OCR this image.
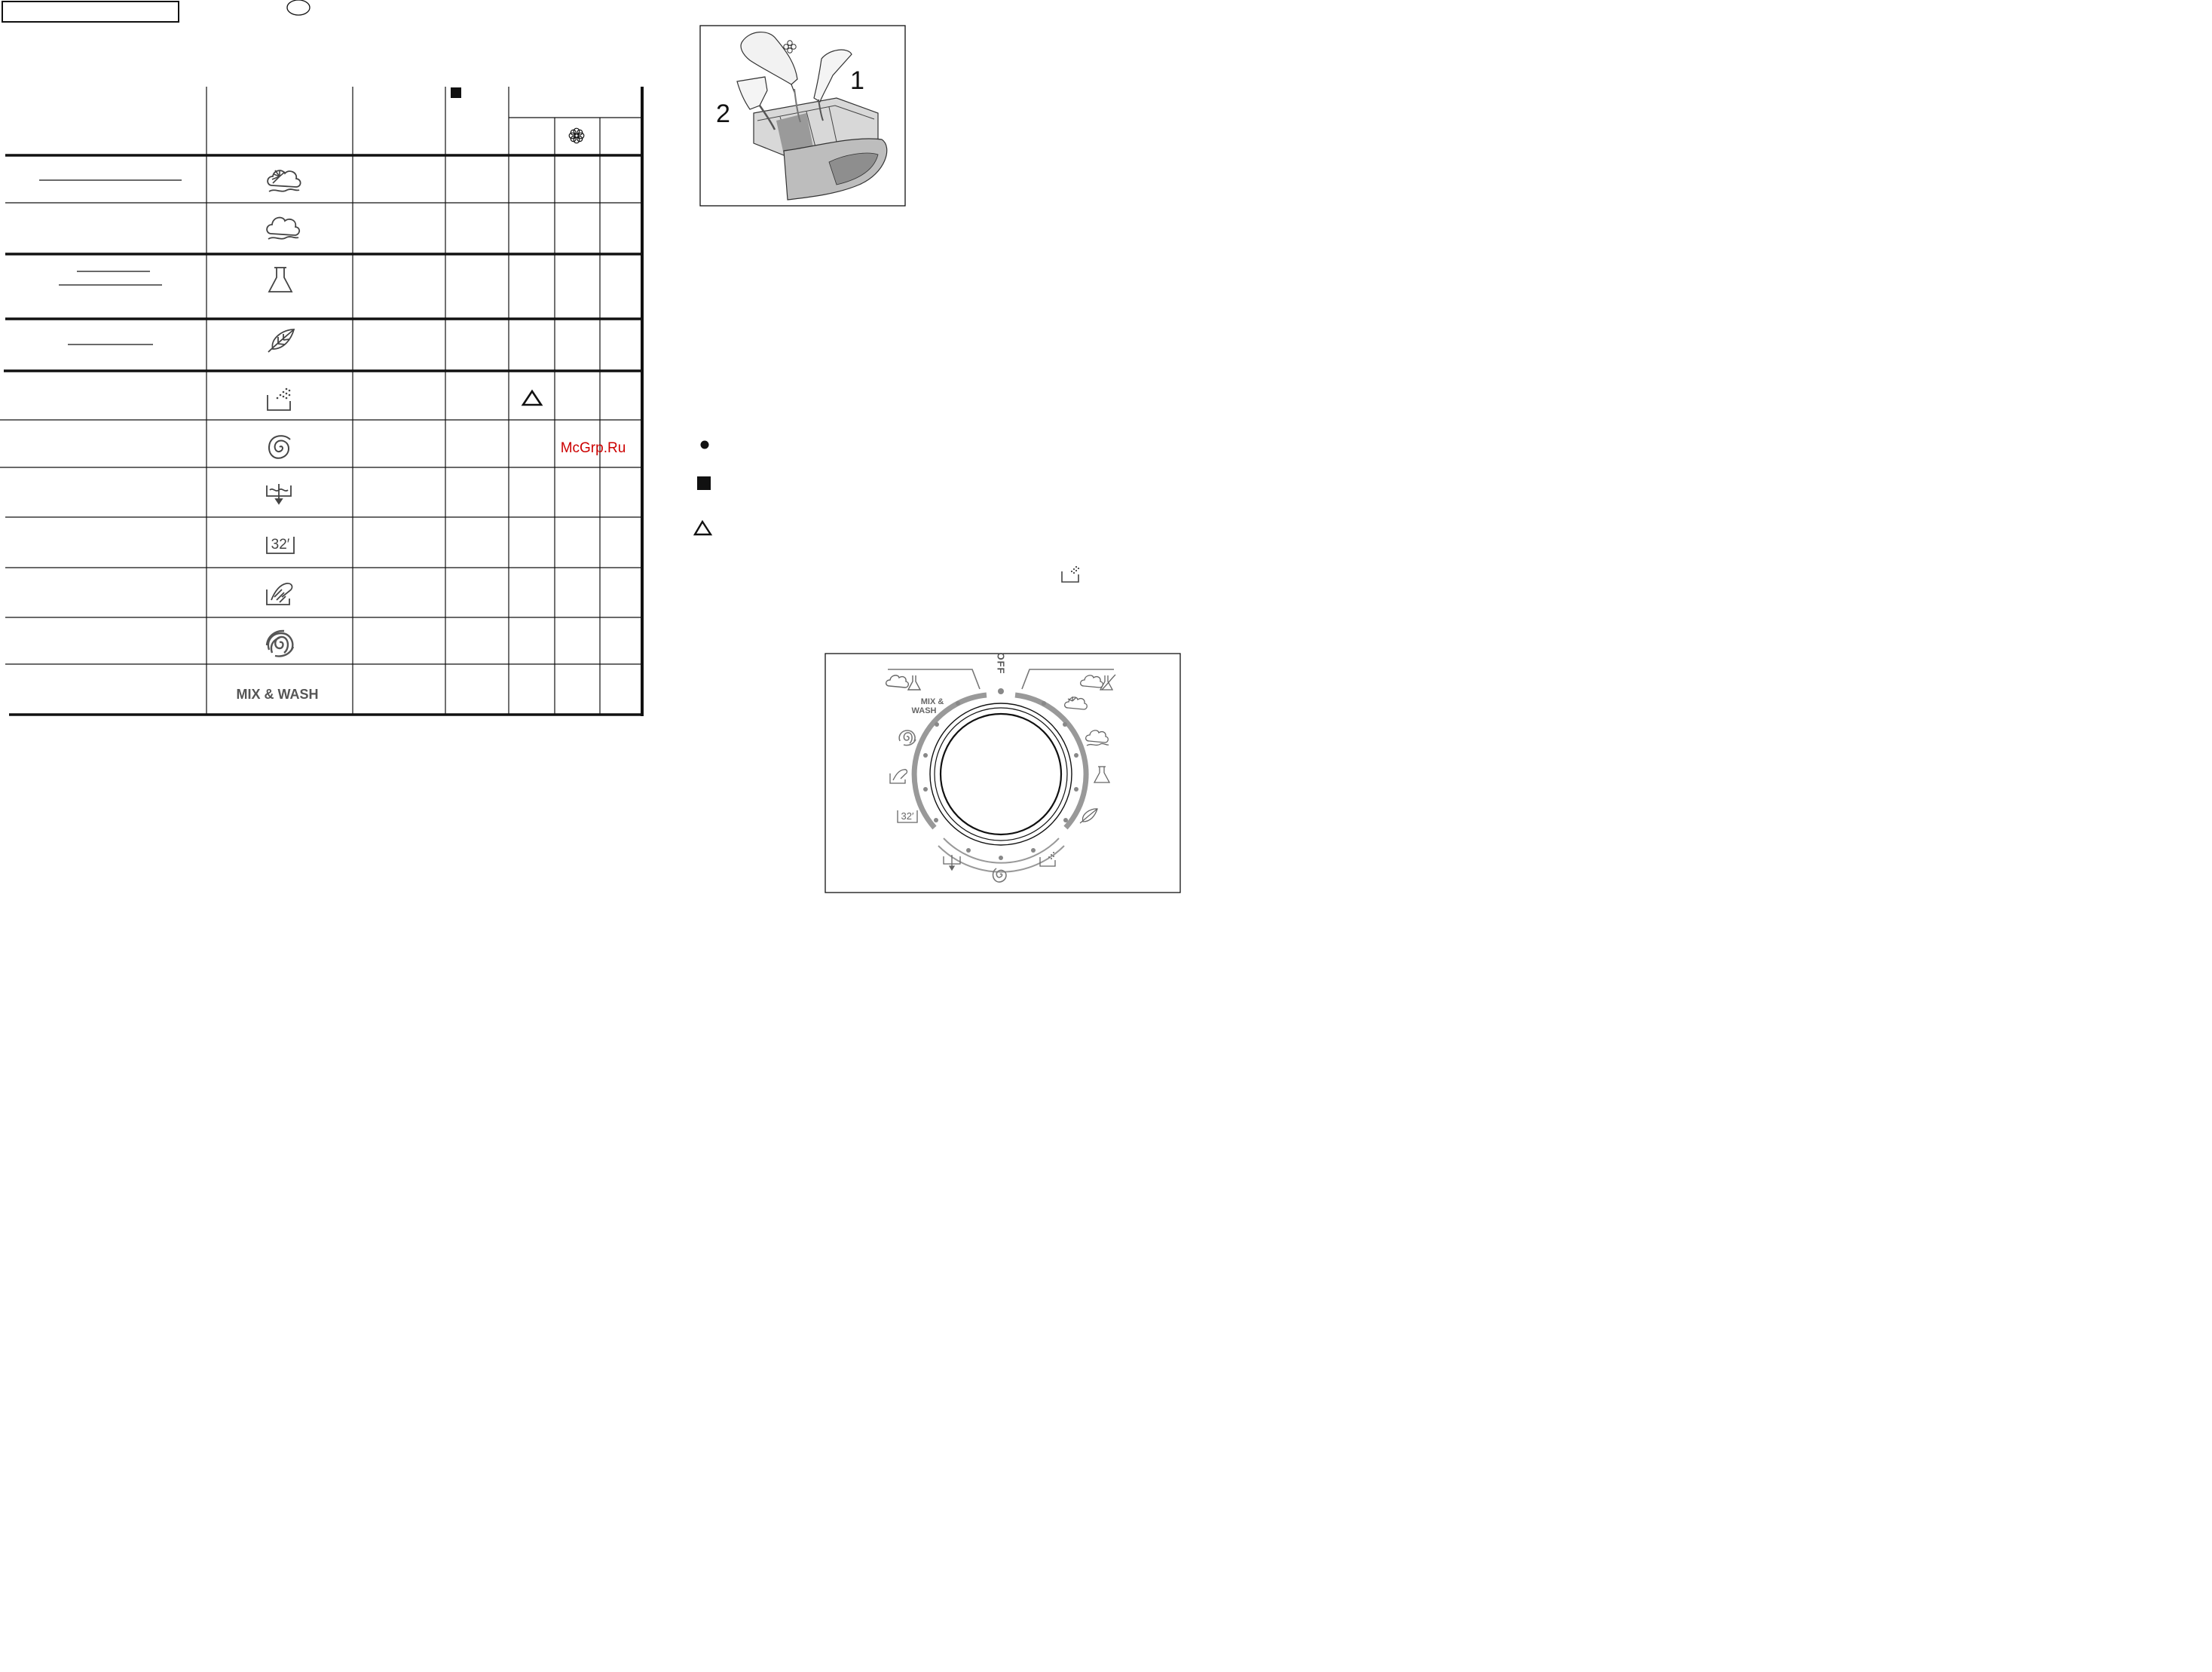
32′
MIX & WASH
McGrp.Ru
1
2
OFF
MIX &
WASH
32′
